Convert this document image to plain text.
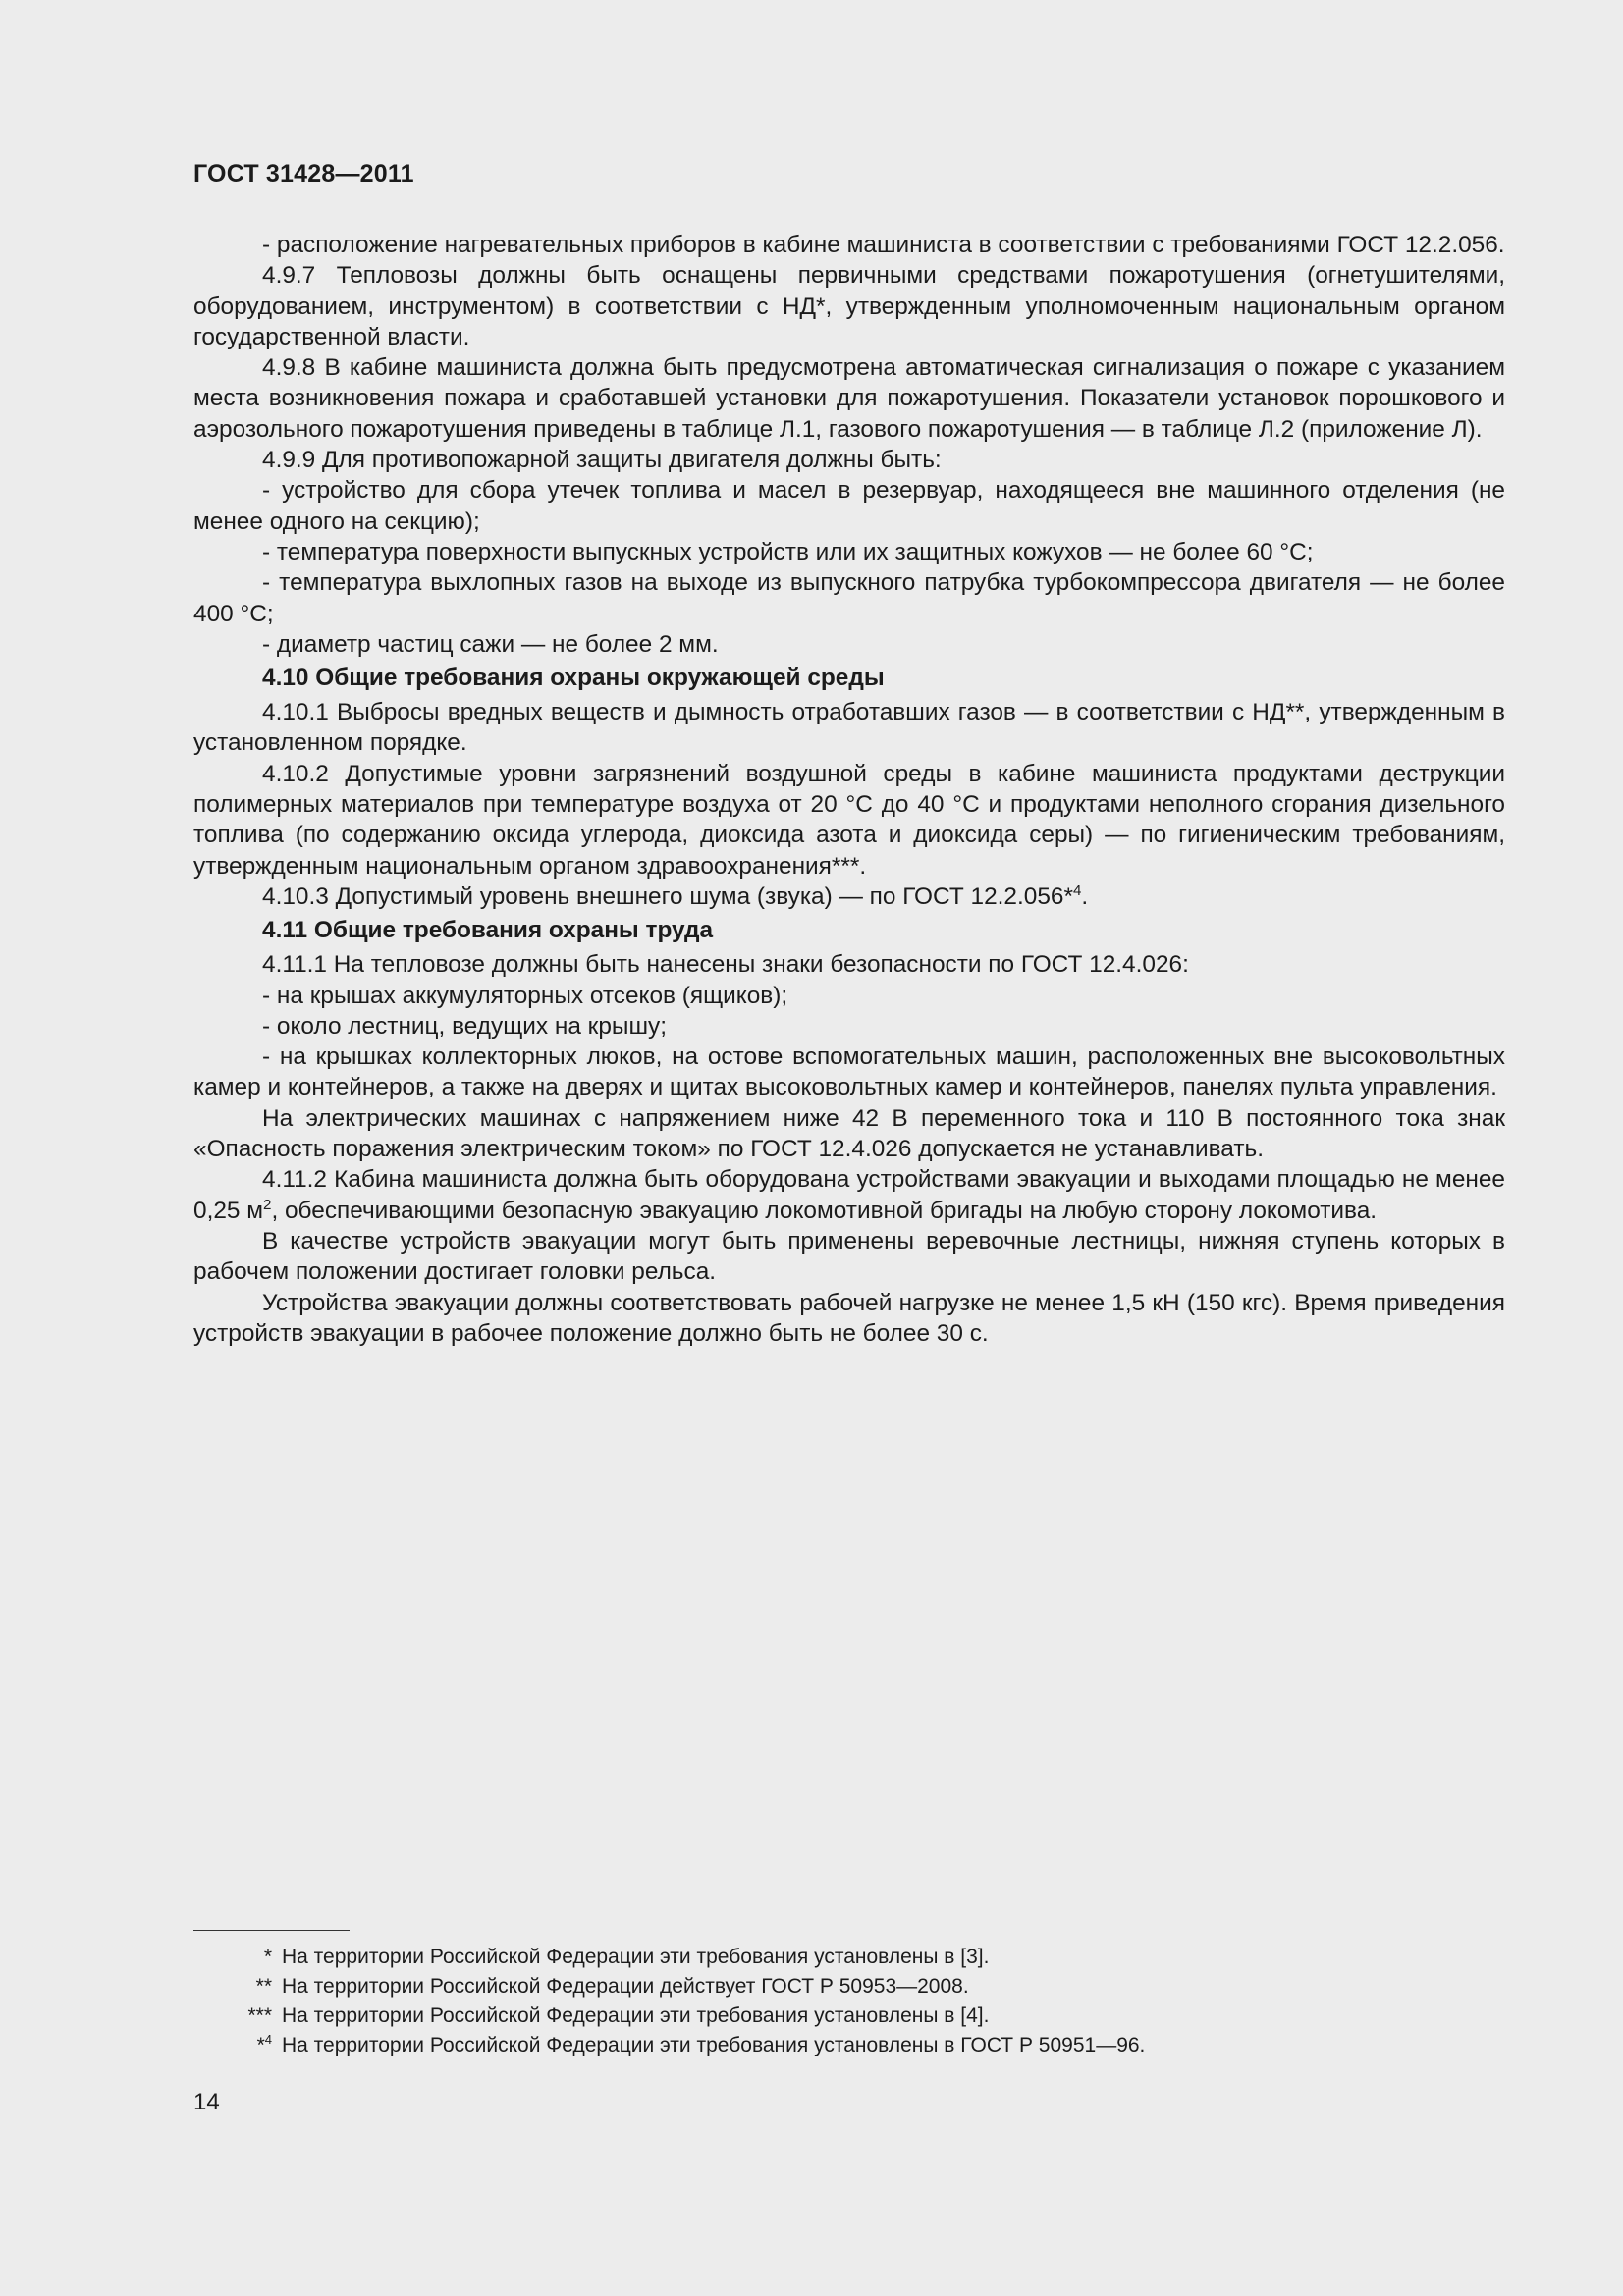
ГОСТ 31428—2011

- расположение нагревательных приборов в кабине машиниста в соответствии с требованиями ГОСТ 12.2.056.

4.9.7 Тепловозы должны быть оснащены первичными средствами пожаротушения (огнетушителями, оборудованием, инструментом) в соответствии с НД*, утвержденным уполномоченным национальным органом государственной власти.

4.9.8 В кабине машиниста должна быть предусмотрена автоматическая сигнализация о пожаре с указанием места возникновения пожара и сработавшей установки для пожаротушения. Показатели установок порошкового и аэрозольного пожаротушения приведены в таблице Л.1, газового пожаротушения — в таблице Л.2 (приложение Л).

4.9.9 Для противопожарной защиты двигателя должны быть:

- устройство для сбора утечек топлива и масел в резервуар, находящееся вне машинного отделения (не менее одного на секцию);

- температура поверхности выпускных устройств или их защитных кожухов — не более 60 °С;

- температура выхлопных газов на выходе из выпускного патрубка турбокомпрессора двигателя — не более 400 °С;

- диаметр частиц сажи — не более 2 мм.

4.10 Общие требования охраны окружающей среды

4.10.1 Выбросы вредных веществ и дымность отработавших газов — в соответствии с НД**, утвержденным в установленном порядке.

4.10.2 Допустимые уровни загрязнений воздушной среды в кабине машиниста продуктами деструкции полимерных материалов при температуре воздуха от 20 °С до 40 °С и продуктами неполного сгорания дизельного топлива (по содержанию оксида углерода, диоксида азота и диоксида серы) — по гигиеническим требованиям, утвержденным национальным органом здравоохранения***.

4.10.3 Допустимый уровень внешнего шума (звука) — по ГОСТ 12.2.056*$^4$.

4.11 Общие требования охраны труда

4.11.1 На тепловозе должны быть нанесены знаки безопасности по ГОСТ 12.4.026:

- на крышах аккумуляторных отсеков (ящиков);

- около лестниц, ведущих на крышу;

- на крышках коллекторных люков, на остове вспомогательных машин, расположенных вне высоковольтных камер и контейнеров, а также на дверях и щитах высоковольтных камер и контейнеров, панелях пульта управления.

На электрических машинах с напряжением ниже 42 В переменного тока и 110 В постоянного тока знак «Опасность поражения электрическим током» по ГОСТ 12.4.026 допускается не устанавливать.

4.11.2 Кабина машиниста должна быть оборудована устройствами эвакуации и выходами площадью не менее 0,25 $м^2$, обеспечивающими безопасную эвакуацию локомотивной бригады на любую сторону локомотива.

В качестве устройств эвакуации могут быть применены веревочные лестницы, нижняя ступень которых в рабочем положении достигает головки рельса.

Устройства эвакуации должны соответствовать рабочей нагрузке не менее 1,5 кН (150 кгс). Время приведения устройств эвакуации в рабочее положение должно быть не более 30 с.

* На территории Российской Федерации эти требования установлены в [3].
** На территории Российской Федерации действует ГОСТ Р 50953—2008.
*** На территории Российской Федерации эти требования установлены в [4].
*$^4$ На территории Российской Федерации эти требования установлены в ГОСТ Р 50951—96.
14
